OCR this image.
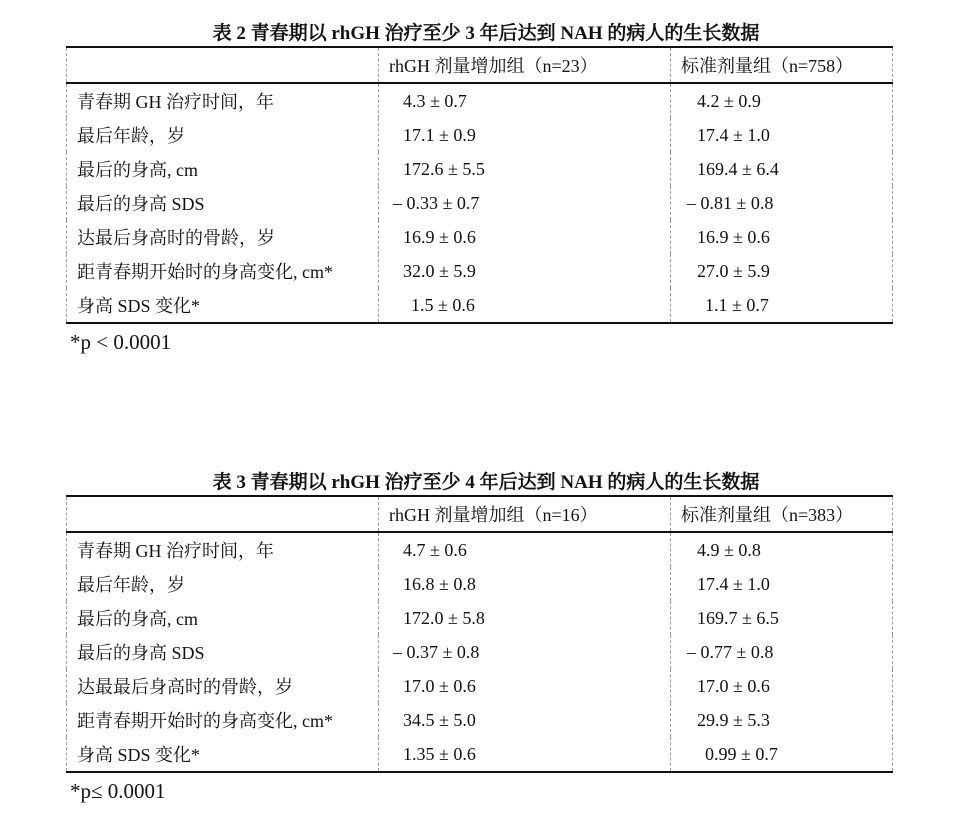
表 2 青春期以 rhGH 治疗至少 3 年后达到 NAH 的病人的生长数据
	rhGH 剂量增加组（n=23）	标准剂量组（n=758）
青春期 GH 治疗时间，年	4.3 ± 0.7	4.2 ± 0.9
最后年龄，岁	17.1 ± 0.9	17.4 ± 1.0
最后的身高, cm	172.6 ± 5.5	169.4 ± 6.4
最后的身高 SDS	– 0.33 ± 0.7	– 0.81 ± 0.8
达最后身高时的骨龄，岁	16.9 ± 0.6	16.9 ± 0.6
距青春期开始时的身高变化, cm*	32.0 ± 5.9	27.0 ± 5.9
身高 SDS 变化*	1.5 ± 0.6	1.1 ± 0.7
*p < 0.0001
表 3 青春期以 rhGH 治疗至少 4 年后达到 NAH 的病人的生长数据
	rhGH 剂量增加组（n=16）	标准剂量组（n=383）
青春期 GH 治疗时间，年	4.7 ± 0.6	4.9 ± 0.8
最后年龄，岁	16.8 ± 0.8	17.4 ± 1.0
最后的身高, cm	172.0 ± 5.8	169.7 ± 6.5
最后的身高 SDS	– 0.37 ± 0.8	– 0.77 ± 0.8
达最最后身高时的骨龄，岁	17.0 ± 0.6	17.0 ± 0.6
距青春期开始时的身高变化, cm*	34.5 ± 5.0	29.9 ± 5.3
身高 SDS 变化*	1.35 ± 0.6	0.99 ± 0.7
*p≤ 0.0001
